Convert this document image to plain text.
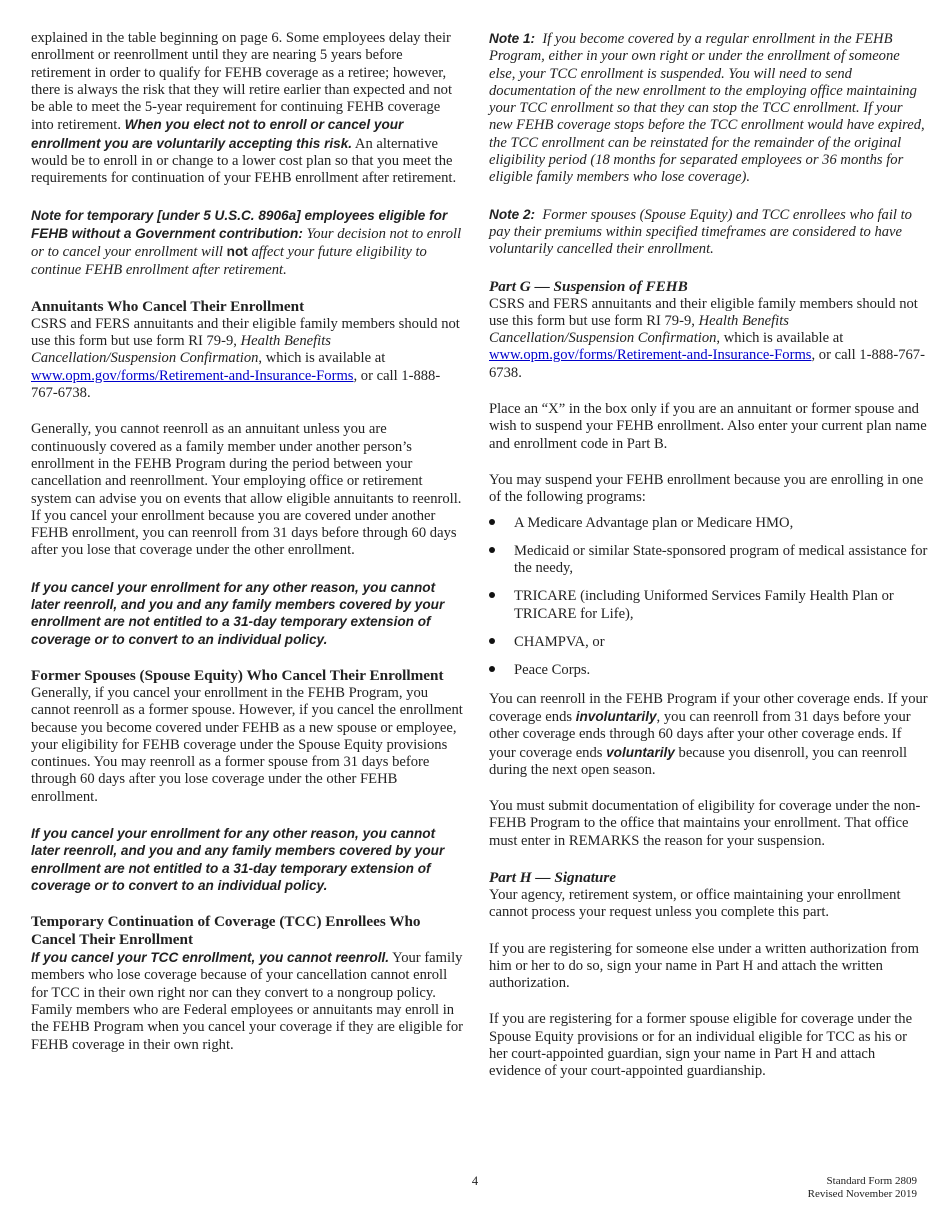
explained in the table beginning on page 6. Some employees delay their enrollment or reenrollment until they are nearing 5 years before retirement in order to qualify for FEHB coverage as a retiree; however, there is always the risk that they will retire earlier than expected and not be able to meet the 5-year requirement for continuing FEHB coverage into retirement. When you elect not to enroll or cancel your enrollment you are voluntarily accepting this risk. An alternative would be to enroll in or change to a lower cost plan so that you meet the requirements for continuation of your FEHB enrollment after retirement.

Note for temporary [under 5 U.S.C. 8906a] employees eligible for FEHB without a Government contribution: Your decision not to enroll or to cancel your enrollment will not affect your future eligibility to continue FEHB enrollment after retirement.

Annuitants Who Cancel Their Enrollment

CSRS and FERS annuitants and their eligible family members should not use this form but use form RI 79-9, Health Benefits Cancellation/Suspension Confirmation, which is available at www.opm.gov/forms/Retirement-and-Insurance-Forms, or call 1-888-767-6738.

Generally, you cannot reenroll as an annuitant unless you are continuously covered as a family member under another person’s enrollment in the FEHB Program during the period between your cancellation and reenrollment. Your employing office or retirement system can advise you on events that allow eligible annuitants to reenroll. If you cancel your enrollment because you are covered under another FEHB enrollment, you can reenroll from 31 days before through 60 days after you lose that coverage under the other enrollment.

If you cancel your enrollment for any other reason, you cannot later reenroll, and you and any family members covered by your enrollment are not entitled to a 31-day temporary extension of coverage or to convert to an individual policy.

Former Spouses (Spouse Equity) Who Cancel Their Enrollment

Generally, if you cancel your enrollment in the FEHB Program, you cannot reenroll as a former spouse. However, if you cancel the enrollment because you become covered under FEHB as a new spouse or employee, your eligibility for FEHB coverage under the Spouse Equity provisions continues. You may reenroll as a former spouse from 31 days before through 60 days after you lose coverage under the other FEHB enrollment.

If you cancel your enrollment for any other reason, you cannot later reenroll, and you and any family members covered by your enrollment are not entitled to a 31-day temporary extension of coverage or to convert to an individual policy.

Temporary Continuation of Coverage (TCC) Enrollees Who Cancel Their Enrollment

If you cancel your TCC enrollment, you cannot reenroll. Your family members who lose coverage because of your cancellation cannot enroll for TCC in their own right nor can they convert to a nongroup policy. Family members who are Federal employees or annuitants may enroll in the FEHB Program when you cancel your coverage if they are eligible for FEHB coverage in their own right.

Note 1: If you become covered by a regular enrollment in the FEHB Program, either in your own right or under the enrollment of someone else, your TCC enrollment is suspended. You will need to send documentation of the new enrollment to the employing office maintaining your TCC enrollment so that they can stop the TCC enrollment. If your new FEHB coverage stops before the TCC enrollment would have expired, the TCC enrollment can be reinstated for the remainder of the original eligibility period (18 months for separated employees or 36 months for eligible family members who lose coverage).

Note 2: Former spouses (Spouse Equity) and TCC enrollees who fail to pay their premiums within specified timeframes are considered to have voluntarily cancelled their enrollment.

Part G — Suspension of FEHB

CSRS and FERS annuitants and their eligible family members should not use this form but use form RI 79-9, Health Benefits Cancellation/Suspension Confirmation, which is available at www.opm.gov/forms/Retirement-and-Insurance-Forms, or call 1-888-767-6738.

Place an “X” in the box only if you are an annuitant or former spouse and wish to suspend your FEHB enrollment. Also enter your current plan name and enrollment code in Part B.

You may suspend your FEHB enrollment because you are enrolling in one of the following programs:

A Medicare Advantage plan or Medicare HMO,
Medicaid or similar State-sponsored program of medical assistance for the needy,
TRICARE (including Uniformed Services Family Health Plan or TRICARE for Life),
CHAMPVA, or
Peace Corps.

You can reenroll in the FEHB Program if your other coverage ends. If your coverage ends involuntarily, you can reenroll from 31 days before your other coverage ends through 60 days after your other coverage ends. If your coverage ends voluntarily because you disenroll, you can reenroll during the next open season.

You must submit documentation of eligibility for coverage under the non-FEHB Program to the office that maintains your enrollment. That office must enter in REMARKS the reason for your suspension.

Part H — Signature

Your agency, retirement system, or office maintaining your enrollment cannot process your request unless you complete this part.

If you are registering for someone else under a written authorization from him or her to do so, sign your name in Part H and attach the written authorization.

If you are registering for a former spouse eligible for coverage under the Spouse Equity provisions or for an individual eligible for TCC as his or her court-appointed guardian, sign your name in Part H and attach evidence of your court-appointed guardianship.

4	Standard Form 2809
Revised November 2019
